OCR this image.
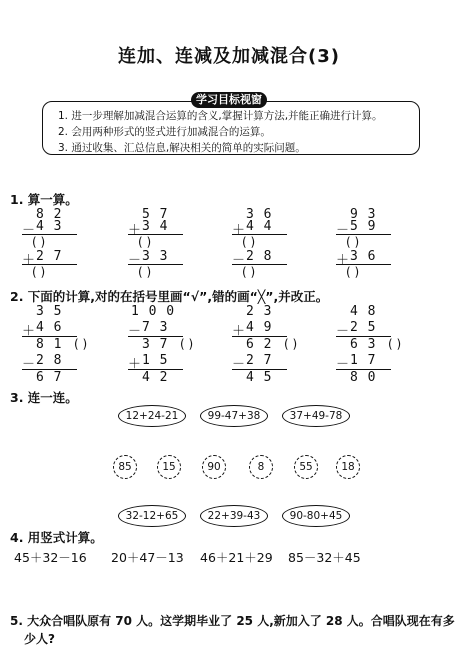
连加、连减及加减混合(3)
学习目标视窗
1. 进一步理解加减混合运算的含义,掌握计算方法,并能正确进行计算。
2. 会用两种形式的竖式进行加减混合的运算。
3. 通过收集、汇总信息,解决相关的简单的实际问题。
1. 算一算。
8 2
－ 4 3
( )
＋ 2 7
( )
5 7
＋ 3 4
( )
－ 3 3
( )
3 6
＋ 4 4
( )
－ 2 8
( )
9 3
－ 5 9
( )
＋ 3 6
( )
2. 下面的计算,对的在括号里画“√”,错的画“╳”,并改正。
3 5
＋ 4 6
8 1 ( )
－ 2 8
6 7
1 0 0
－ 7 3
3 7 ( )
＋ 1 5
4 2
2 3
＋ 4 9
6 2 ( )
－ 2 7
4 5
4 8
－ 2 5
6 3 ( )
－ 1 7
8 0
3. 连一连。
12+24-21	99-47+38	37+49-78
85	15	90	8	55	18
32-12+65	22+39-43	90-80+45
4. 用竖式计算。
45＋32－16 20＋47－13 46＋21＋29 85－32＋45
5. 大众合唱队原有 70 人。这学期毕业了 25 人,新加入了 28 人。合唱队现在有多
少人?
